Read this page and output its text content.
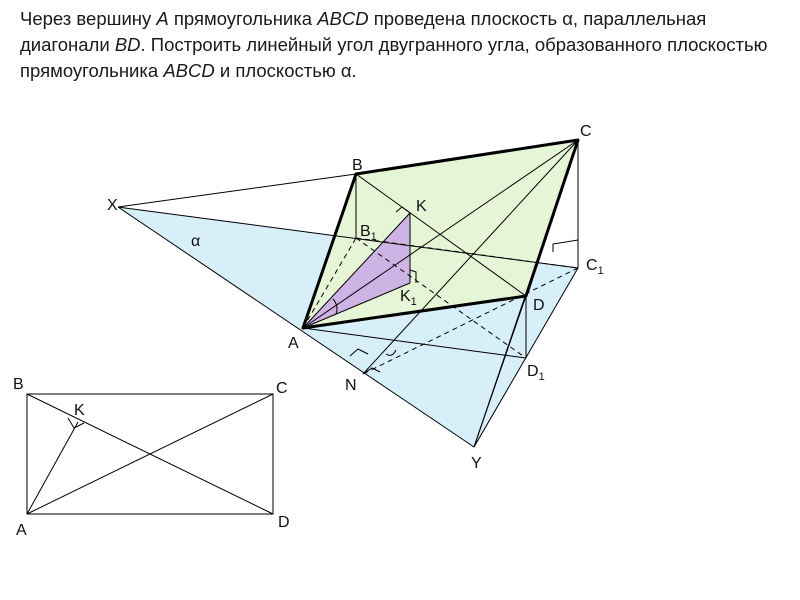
Через вершину A прямоугольника ABCD проведена плоскость α, параллельная диагонали BD. Построить линейный угол двугранного угла, образованного плоскостью прямоугольника ABCD и плоскостью α.

B
C
D
A
K
X
Y
N
α
$B_1$
$C_1$
$D_1$
$K_1$
B	C
A	D
K
